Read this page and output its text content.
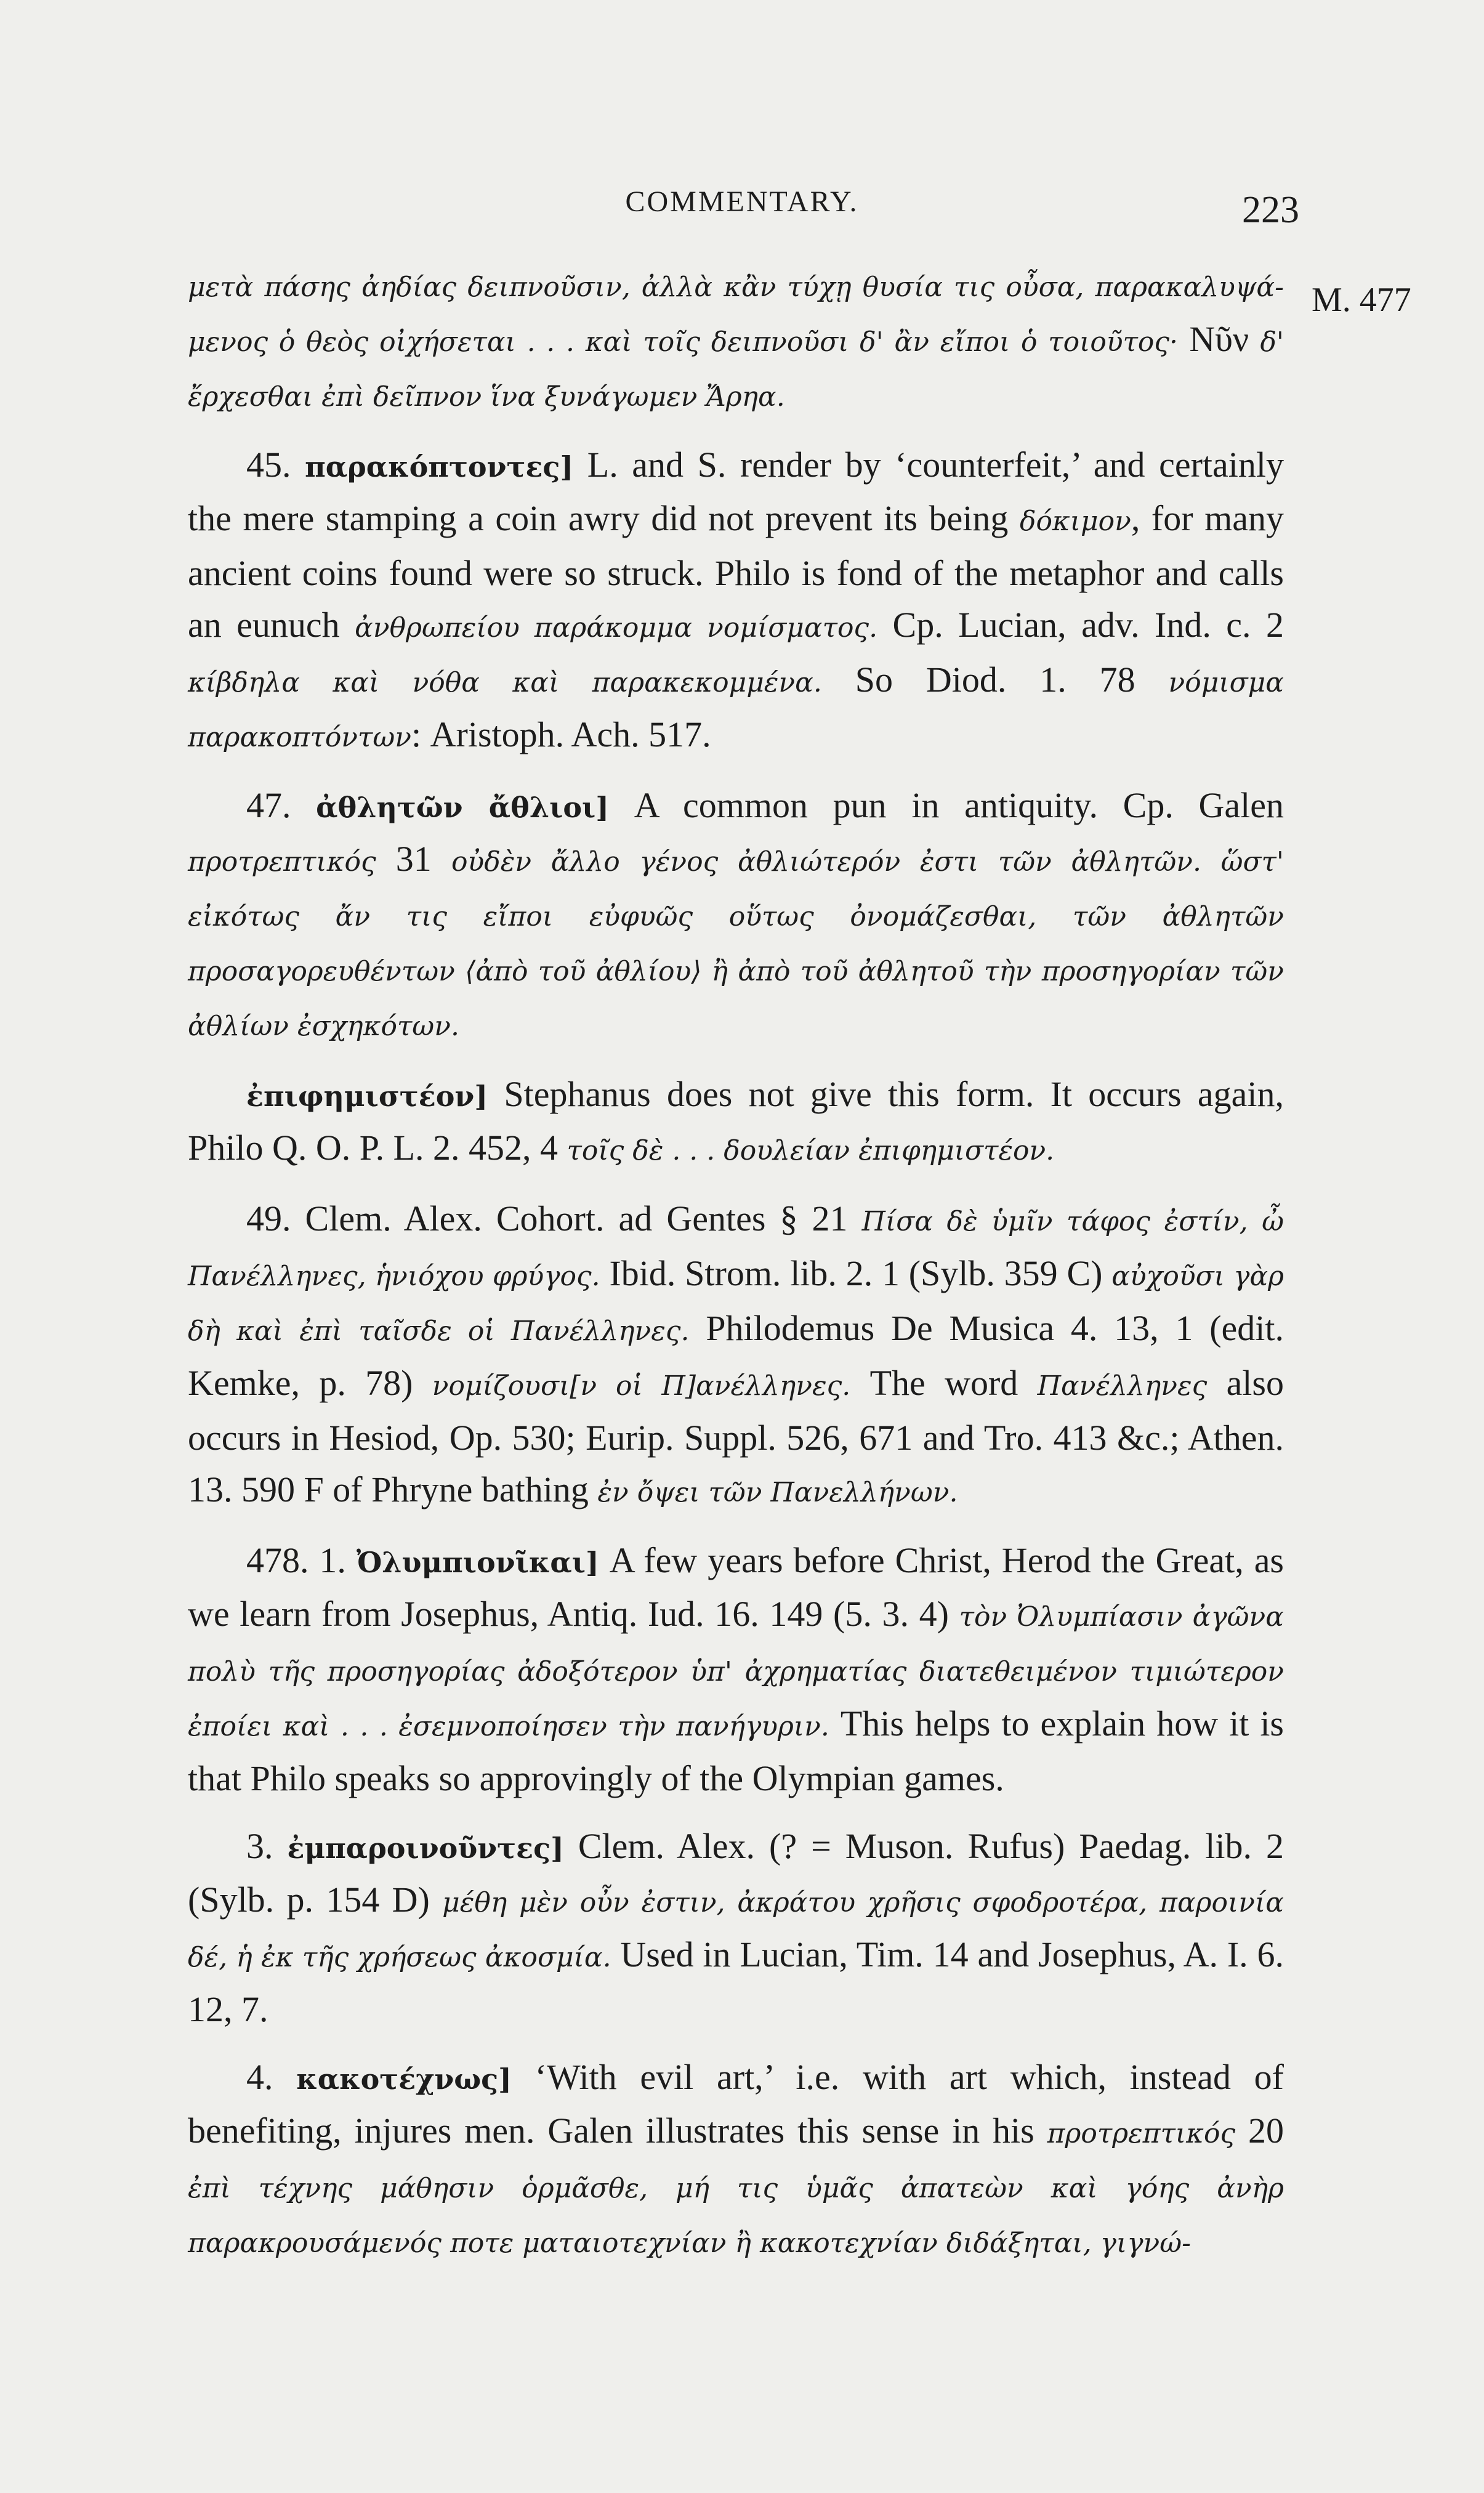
COMMENTARY.	223
M. 477

μετὰ πάσης ἀηδίας δειπνοῦσιν, ἀλλὰ κἂν τύχῃ θυσία τις οὖσα, παρακαλυψά-μενος ὁ θεὸς οἰχήσεται . . . καὶ τοῖς δειπνοῦσι δ' ἂν εἴποι ὁ τοιοῦτος· Νῦν δ' ἔρχεσθαι ἐπὶ δεῖπνον ἵνα ξυνάγωμεν Ἄρηα.

45. παρακόπτοντες] L. and S. render by ‘counterfeit,’ and certainly the mere stamping a coin awry did not prevent its being δόκιμον, for many ancient coins found were so struck. Philo is fond of the metaphor and calls an eunuch ἀνθρωπείου παράκομμα νομίσματος. Cp. Lucian, adv. Ind. c. 2 κίβδηλα καὶ νόθα καὶ παρακεκομμένα. So Diod. 1. 78 νόμισμα παρακοπτόντων: Aristoph. Ach. 517.

47. ἀθλητῶν ἄθλιοι] A common pun in antiquity. Cp. Galen προτρεπτικός 31 οὐδὲν ἄλλο γένος ἀθλιώτερόν ἐστι τῶν ἀθλητῶν. ὥστ' εἰκότως ἄν τις εἴποι εὐφυῶς οὕτως ὀνομάζεσθαι, τῶν ἀθλητῶν προσαγορευθέντων ⟨ἀπὸ τοῦ ἀθλίου⟩ ἢ ἀπὸ τοῦ ἀθλητοῦ τὴν προσηγορίαν τῶν ἀθλίων ἐσχηκότων.

ἐπιφημιστέον] Stephanus does not give this form. It occurs again, Philo Q. O. P. L. 2. 452, 4 τοῖς δὲ . . . δουλείαν ἐπιφημιστέον.

49. Clem. Alex. Cohort. ad Gentes § 21 Πίσα δὲ ὑμῖν τάφος ἐστίν, ὦ Πανέλληνες, ἡνιόχου φρύγος. Ibid. Strom. lib. 2. 1 (Sylb. 359 C) αὐχοῦσι γὰρ δὴ καὶ ἐπὶ ταῖσδε οἱ Πανέλληνες. Philodemus De Musica 4. 13, 1 (edit. Kemke, p. 78) νομίζουσι[ν οἱ Π]ανέλληνες. The word Πανέλληνες also occurs in Hesiod, Op. 530; Eurip. Suppl. 526, 671 and Tro. 413 &c.; Athen. 13. 590 F of Phryne bathing ἐν ὄψει τῶν Πανελλήνων.

478. 1. Ὀλυμπιονῖκαι] A few years before Christ, Herod the Great, as we learn from Josephus, Antiq. Iud. 16. 149 (5. 3. 4) τὸν Ὀλυμπίασιν ἀγῶνα πολὺ τῆς προσηγορίας ἀδοξότερον ὑπ' ἀχρηματίας διατεθειμένον τιμιώτερον ἐποίει καὶ . . . ἐσεμνοποίησεν τὴν πανήγυριν. This helps to explain how it is that Philo speaks so approvingly of the Olympian games.

3. ἐμπαροινοῦντες] Clem. Alex. (? = Muson. Rufus) Paedag. lib. 2 (Sylb. p. 154 D) μέθη μὲν οὖν ἐστιν, ἀκράτου χρῆσις σφοδροτέρα, παροινία δέ, ἡ ἐκ τῆς χρήσεως ἀκοσμία. Used in Lucian, Tim. 14 and Josephus, A. I. 6. 12, 7.

4. κακοτέχνως] ‘With evil art,’ i.e. with art which, instead of benefiting, injures men. Galen illustrates this sense in his προτρεπτικός 20 ἐπὶ τέχνης μάθησιν ὁρμᾶσθε, μή τις ὑμᾶς ἀπατεὼν καὶ γόης ἀνὴρ παρακρουσάμενός ποτε ματαιοτεχνίαν ἢ κακοτεχνίαν διδάξηται, γιγνώ-
